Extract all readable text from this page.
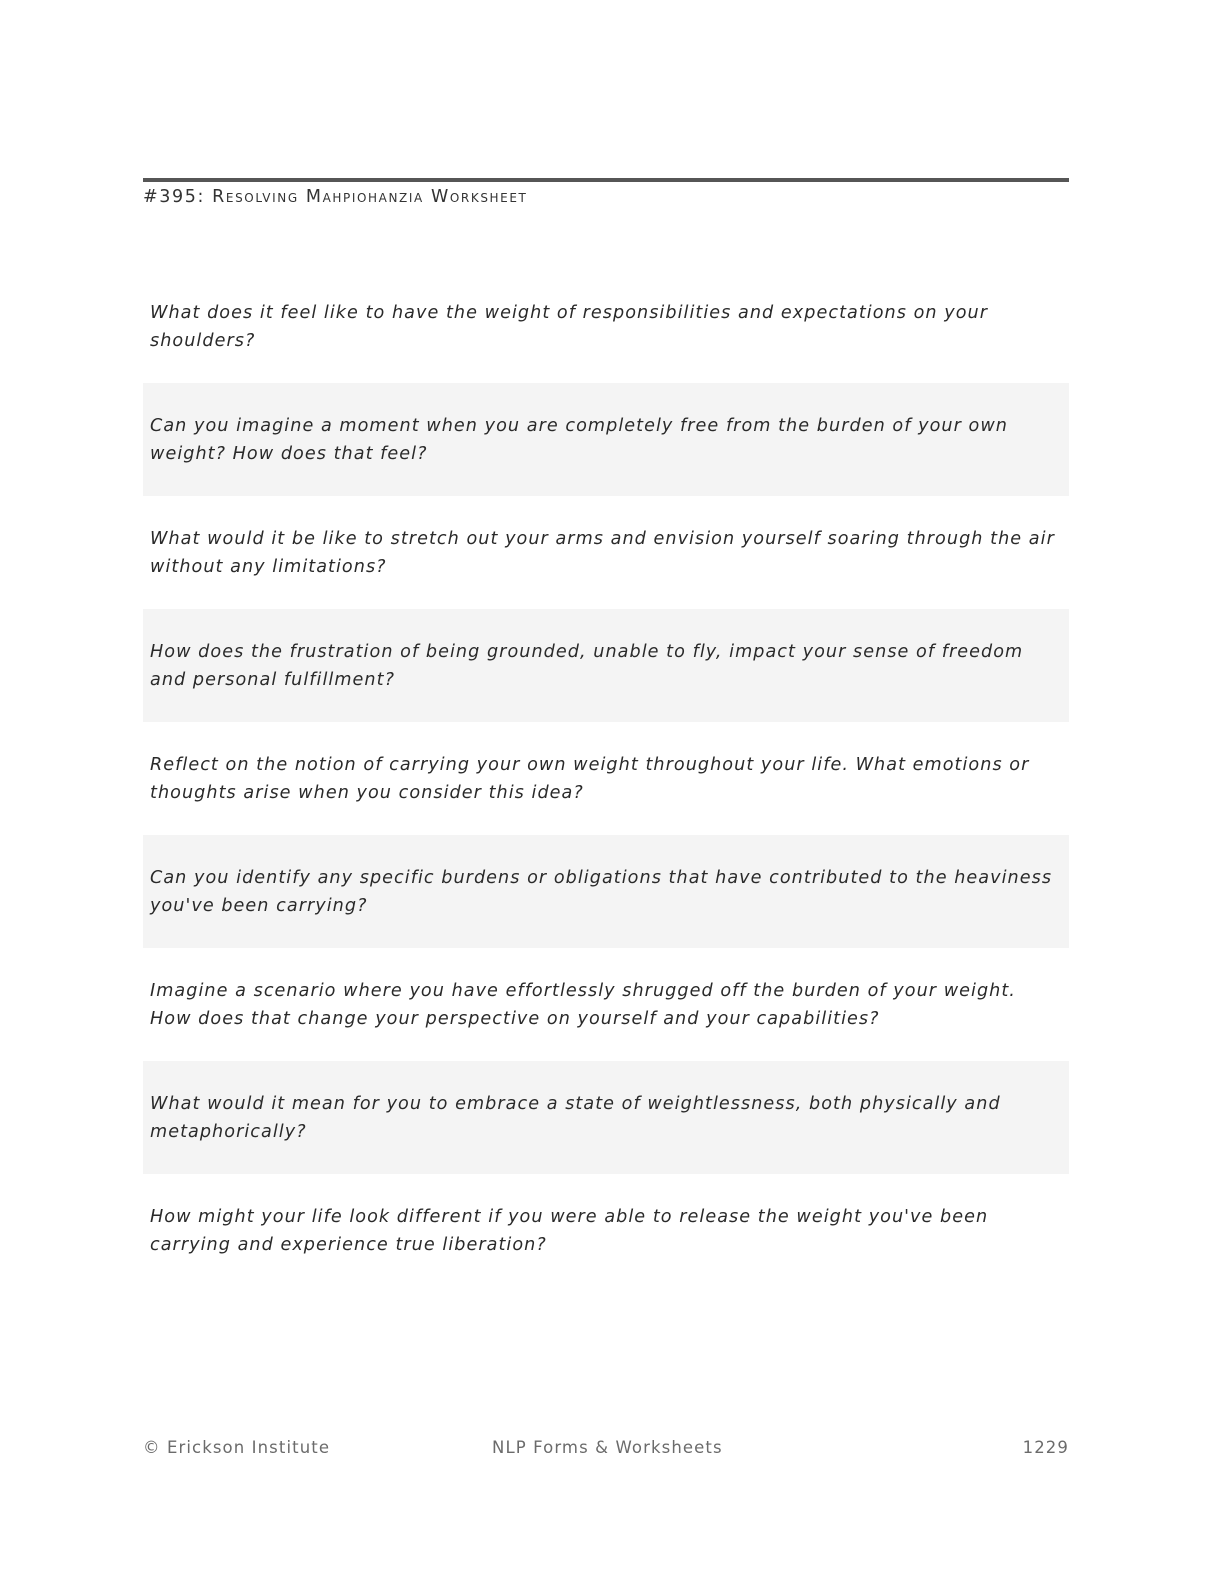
#395: Resolving Mahpiohanzia Worksheet

What does it feel like to have the weight of responsibilities and expectations on your shoulders?

Can you imagine a moment when you are completely free from the burden of your own weight? How does that feel?

What would it be like to stretch out your arms and envision yourself soaring through the air without any limitations?

How does the frustration of being grounded, unable to fly, impact your sense of freedom and personal fulfillment?

Reflect on the notion of carrying your own weight throughout your life. What emotions or thoughts arise when you consider this idea?

Can you identify any specific burdens or obligations that have contributed to the heaviness you've been carrying?

Imagine a scenario where you have effortlessly shrugged off the burden of your weight. How does that change your perspective on yourself and your capabilities?

What would it mean for you to embrace a state of weightlessness, both physically and metaphorically?

How might your life look different if you were able to release the weight you've been carrying and experience true liberation?

© Erickson Institute	NLP Forms & Worksheets	1229
